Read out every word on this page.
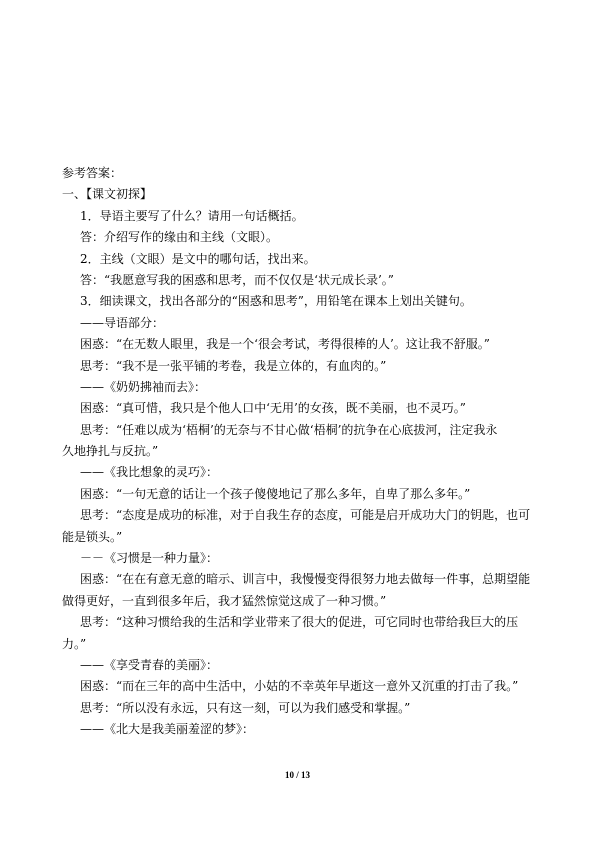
参考答案：
一、【课文初探】
1．导语主要写了什么？请用一句话概括。
答：介绍写作的缘由和主线（文眼）。
2．主线（文眼）是文中的哪句话，找出来。
答：“我愿意写我的困惑和思考，而不仅仅是‘状元成长录’。”
3．细读课文，找出各部分的“困惑和思考”，用铅笔在课本上划出关键句。
——导语部分：
困惑：“在无数人眼里，我是一个‘很会考试，考得很棒的人’。这让我不舒服。”
思考：“我不是一张平铺的考卷，我是立体的，有血肉的。”
——《奶奶拂袖而去》：
困惑：“真可惜，我只是个他人口中‘无用’的女孩，既不美丽，也不灵巧。”
思考：“任难以成为‘梧桐’的无奈与不甘心做‘梧桐’的抗争在心底拔河，注定我永
久地挣扎与反抗。”
——《我比想象的灵巧》：
困惑：“一句无意的话让一个孩子傻傻地记了那么多年，自卑了那么多年。”
思考：“态度是成功的标准，对于自我生存的态度，可能是启开成功大门的钥匙，也可
能是锁头。”
－－《习惯是一种力量》：
困惑：“在在有意无意的暗示、训言中，我慢慢变得很努力地去做每一件事，总期望能
做得更好，一直到很多年后，我才猛然惊觉这成了一种习惯。”
思考：“这种习惯给我的生活和学业带来了很大的促进，可它同时也带给我巨大的压
力。”
——《享受青春的美丽》：
困惑：“而在三年的高中生活中，小姑的不幸英年早逝这一意外又沉重的打击了我。”
思考：“所以没有永远，只有这一刻，可以为我们感受和掌握。”
——《北大是我美丽羞涩的梦》：
10 / 13
